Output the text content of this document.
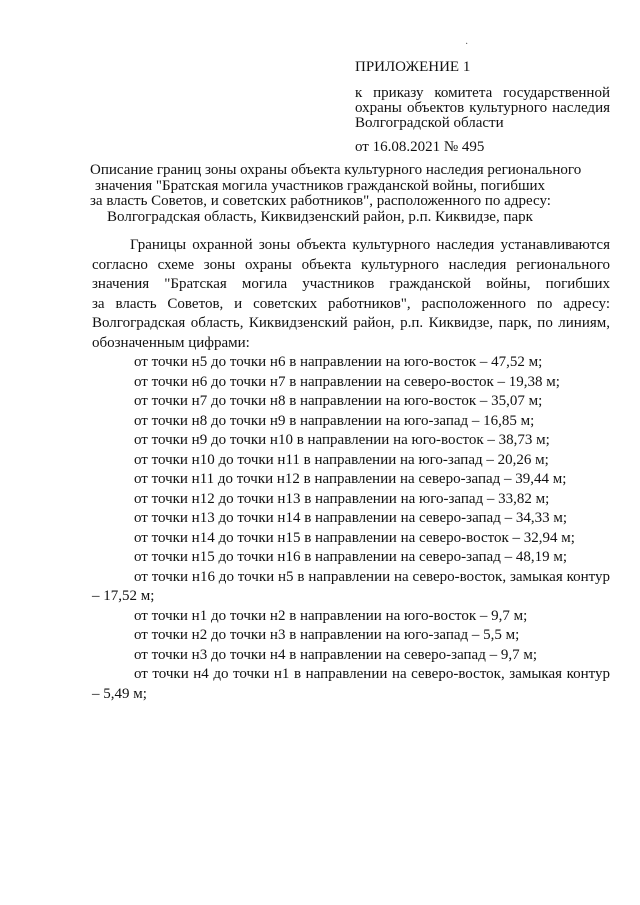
·
ПРИЛОЖЕНИЕ 1
к приказу комитета государственной
охраны объектов культурного наследия
Волгоградской области
от 16.08.2021 № 495
Описание границ зоны охраны объекта культурного наследия регионального
значения "Братская могила участников гражданской войны, погибших
за власть Советов, и советских работников", расположенного по адресу:
Волгоградская область, Киквидзенский район, р.п. Киквидзе, парк
Границы охранной зоны объекта культурного наследия устанавливаются
согласно схеме зоны охраны объекта культурного наследия регионального
значения "Братская могила участников гражданской войны, погибших
за власть Советов, и советских работников", расположенного по адресу:
Волгоградская область, Киквидзенский район, р.п. Киквидзе, парк, по линиям,
обозначенным цифрами:
от точки н5 до точки н6 в направлении на юго-восток – 47,52 м;
от точки н6 до точки н7 в направлении на северо-восток – 19,38 м;
от точки н7 до точки н8 в направлении на юго-восток – 35,07 м;
от точки н8 до точки н9 в направлении на юго-запад – 16,85 м;
от точки н9 до точки н10 в направлении на юго-восток – 38,73 м;
от точки н10 до точки н11 в направлении на юго-запад – 20,26 м;
от точки н11 до точки н12 в направлении на северо-запад – 39,44 м;
от точки н12 до точки н13 в направлении на юго-запад – 33,82 м;
от точки н13 до точки н14 в направлении на северо-запад – 34,33 м;
от точки н14 до точки н15 в направлении на северо-восток – 32,94 м;
от точки н15 до точки н16 в направлении на северо-запад – 48,19 м;
от точки н16 до точки н5 в направлении на северо-восток, замыкая контур
– 17,52 м;
от точки н1 до точки н2 в направлении на юго-восток – 9,7 м;
от точки н2 до точки н3 в направлении на юго-запад – 5,5 м;
от точки н3 до точки н4 в направлении на северо-запад – 9,7 м;
от точки н4 до точки н1 в направлении на северо-восток, замыкая контур
– 5,49 м;
